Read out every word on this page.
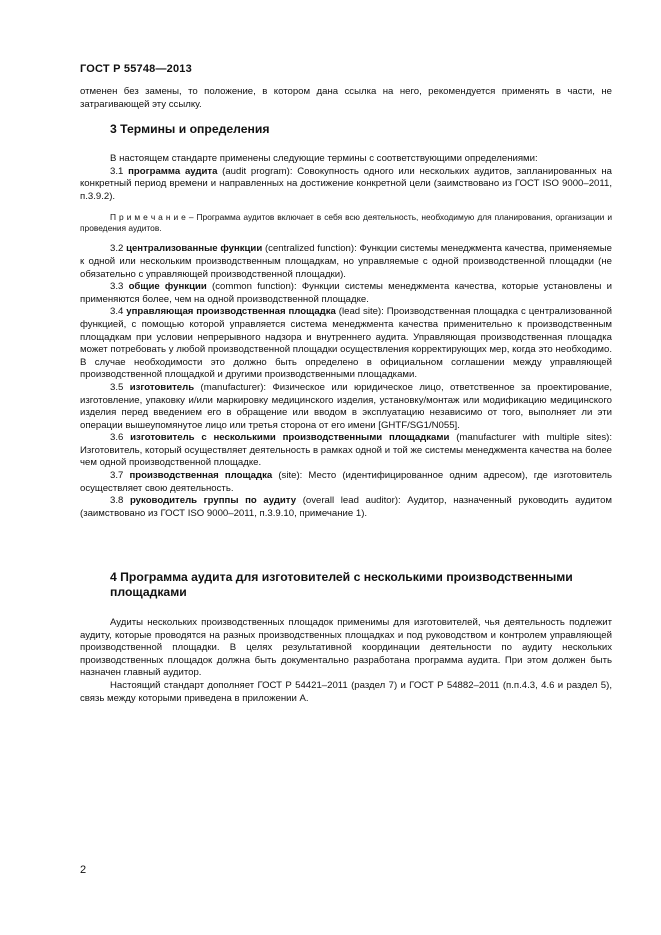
ГОСТ Р 55748—2013

отменен без замены, то положение, в котором дана ссылка на него, рекомендуется применять в части, не затрагивающей эту ссылку.

3 Термины и определения

В настоящем стандарте применены следующие термины с соответствующими определениями:

3.1 программа аудита (audit program): Совокупность одного или нескольких аудитов, запланированных на конкретный период времени и направленных на достижение конкретной цели (заимствовано из ГОСТ ISO 9000–2011, п.3.9.2).

П р и м е ч а н и е – Программа аудитов включает в себя всю деятельность, необходимую для планирования, организации и проведения аудитов.

3.2 централизованные функции (centralized function): Функции системы менеджмента качества, применяемые к одной или нескольким производственным площадкам, но управляемые с одной производственной площадки (не обязательно с управляющей производственной площадки).

3.3 общие функции (common function): Функции системы менеджмента качества, которые установлены и применяются более, чем на одной производственной площадке.

3.4 управляющая производственная площадка (lead site): Производственная площадка с централизованной функцией, с помощью которой управляется система менеджмента качества применительно к производственным площадкам при условии непрерывного надзора и внутреннего аудита. Управляющая производственная площадка может потребовать у любой производственной площадки осуществления корректирующих мер, когда это необходимо. В случае необходимости это должно быть определено в официальном соглашении между управляющей производственной площадкой и другими производственными площадками.

3.5 изготовитель (manufacturer): Физическое или юридическое лицо, ответственное за проектирование, изготовление, упаковку и/или маркировку медицинского изделия, установку/монтаж или модификацию медицинского изделия перед введением его в обращение или вводом в эксплуатацию независимо от того, выполняет ли эти операции вышеупомянутое лицо или третья сторона от его имени [GHTF/SG1/N055].

3.6 изготовитель с несколькими производственными площадками (manufacturer with multiple sites): Изготовитель, который осуществляет деятельность в рамках одной и той же системы менеджмента качества на более чем одной производственной площадке.

3.7 производственная площадка (site): Место (идентифицированное одним адресом), где изготовитель осуществляет свою деятельность.

3.8 руководитель группы по аудиту (overall lead auditor): Аудитор, назначенный руководить аудитом (заимствовано из ГОСТ ISO 9000–2011, п.3.9.10, примечание 1).

4 Программа аудита для изготовителей с несколькими производственными площадками

Аудиты нескольких производственных площадок применимы для изготовителей, чья деятельность подлежит аудиту, которые проводятся на разных производственных площадках и под руководством и контролем управляющей производственной площадки. В целях результативной координации деятельности по аудиту нескольких производственных площадок должна быть документально разработана программа аудита. При этом должен быть назначен главный аудитор.

Настоящий стандарт дополняет ГОСТ Р 54421–2011 (раздел 7) и ГОСТ Р 54882–2011 (п.п.4.3, 4.6 и раздел 5), связь между которыми приведена в приложении А.

2
